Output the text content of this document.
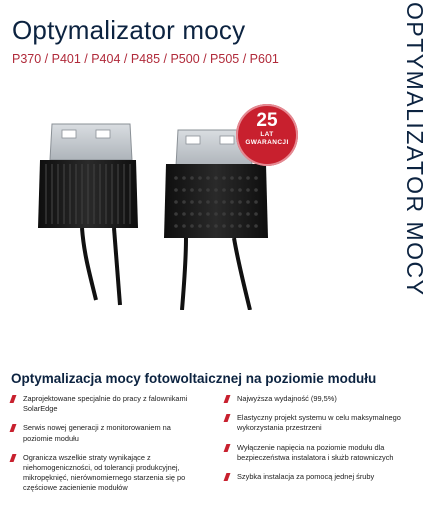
Optymalizator mocy
P370 / P401 / P404 / P485 / P500 / P505 / P601	OPTYMALIZATOR MOCY
25
LAT
GWARANCJI
Optymalizacja mocy fotowoltaicznej na poziomie modułu
Zaprojektowane specjalnie do pracy z falownikami SolarEdge
Serwis nowej generacji z monitorowaniem na poziomie modułu
Ogranicza wszelkie straty wynikające z niehomogeniczności, od tolerancji produkcyjnej, mikropęknięć, nierównomiernego starzenia się po częściowe zacienienie modułów
Najwyższa wydajność (99,5%)
Elastyczny projekt systemu w celu maksymalnego wykorzystania przestrzeni
Wyłączenie napięcia na poziomie modułu dla bezpieczeństwa instalatora i służb ratowniczych
Szybka instalacja za pomocą jednej śruby
